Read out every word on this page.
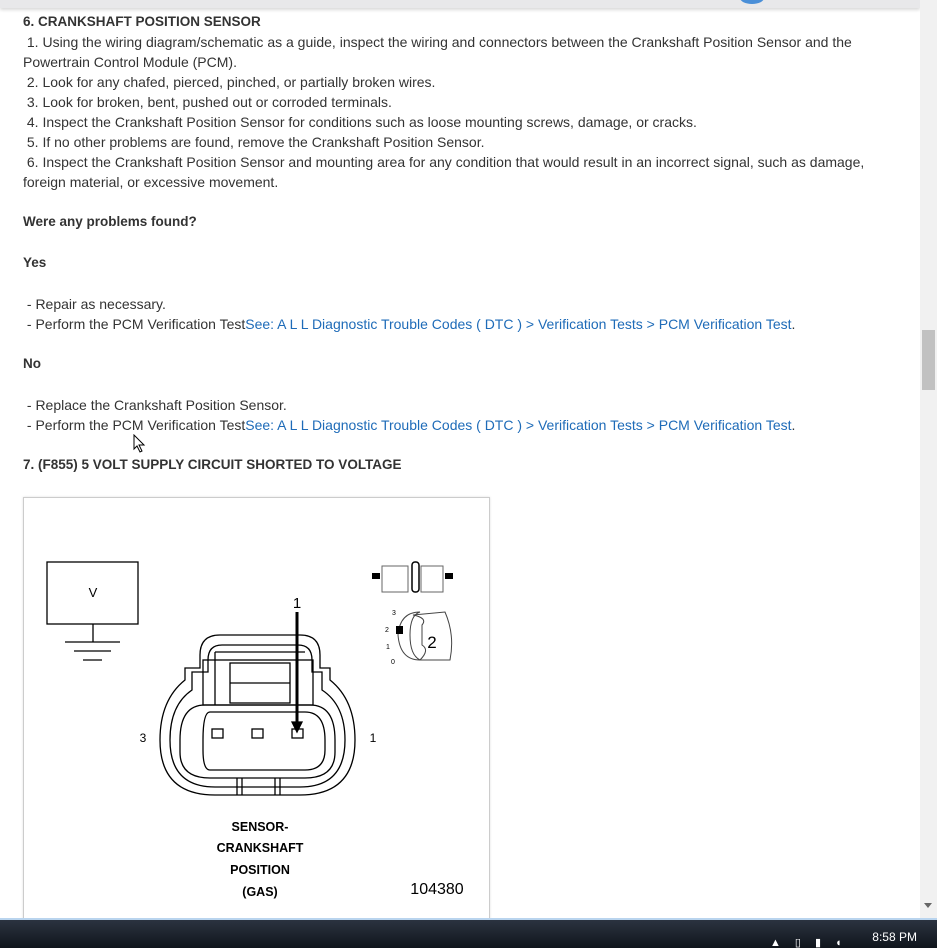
6. CRANKSHAFT POSITION SENSOR

1. Using the wiring diagram/schematic as a guide, inspect the wiring and connectors between the Crankshaft Position Sensor and the Powertrain Control Module (PCM).

2. Look for any chafed, pierced, pinched, or partially broken wires.

3. Look for broken, bent, pushed out or corroded terminals.

4. Inspect the Crankshaft Position Sensor for conditions such as loose mounting screws, damage, or cracks.

5. If no other problems are found, remove the Crankshaft Position Sensor.

6. Inspect the Crankshaft Position Sensor and mounting area for any condition that would result in an incorrect signal, such as damage, foreign material, or excessive movement.

Were any problems found?

Yes

- Repair as necessary.

- Perform the PCM Verification TestSee: A L L Diagnostic Trouble Codes ( DTC ) > Verification Tests > PCM Verification Test.

No

- Replace the Crankshaft Position Sensor.

- Perform the PCM Verification TestSee: A L L Diagnostic Trouble Codes ( DTC ) > Verification Tests > PCM Verification Test.

7. (F855) 5 VOLT SUPPLY CIRCUIT SHORTED TO VOLTAGE

V
1
3	1
3
2
1
0
2
SENSOR-
CRANKSHAFT
POSITION
(GAS)	104380
▲▯▮◖ 8:58 PM
